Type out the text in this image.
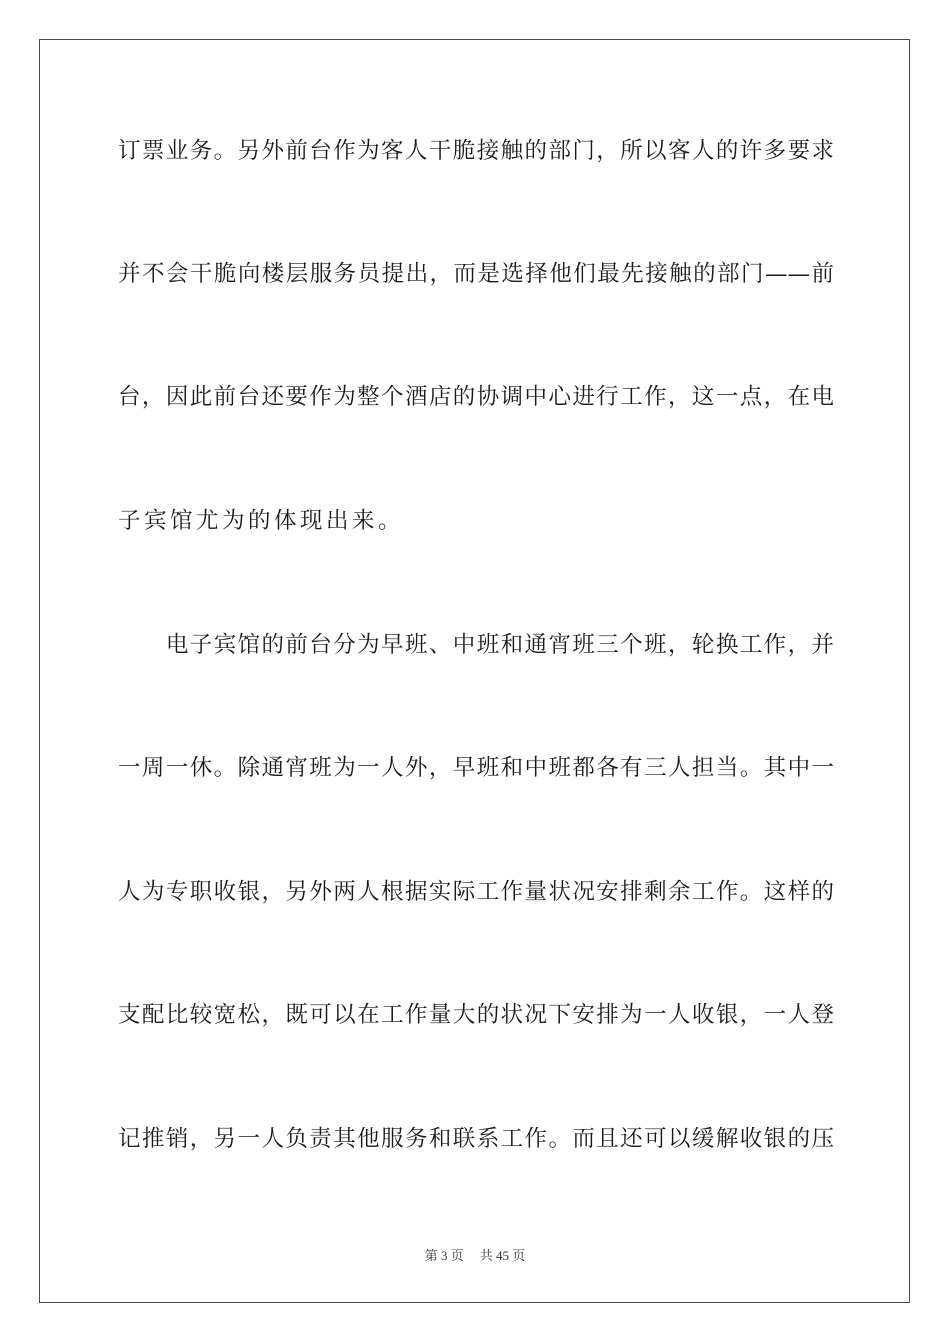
订票业务。另外前台作为客人干脆接触的部门，所以客人的许多要求
并不会干脆向楼层服务员提出，而是选择他们最先接触的部门——前
台，因此前台还要作为整个酒店的协调中心进行工作，这一点，在电
子宾馆尤为的体现出来。
　　电子宾馆的前台分为早班、中班和通宵班三个班，轮换工作，并
一周一休。除通宵班为一人外，早班和中班都各有三人担当。其中一
人为专职收银，另外两人根据实际工作量状况安排剩余工作。这样的
支配比较宽松，既可以在工作量大的状况下安排为一人收银，一人登
记推销，另一人负责其他服务和联系工作。而且还可以缓解收银的压
第 3 页 共 45 页
